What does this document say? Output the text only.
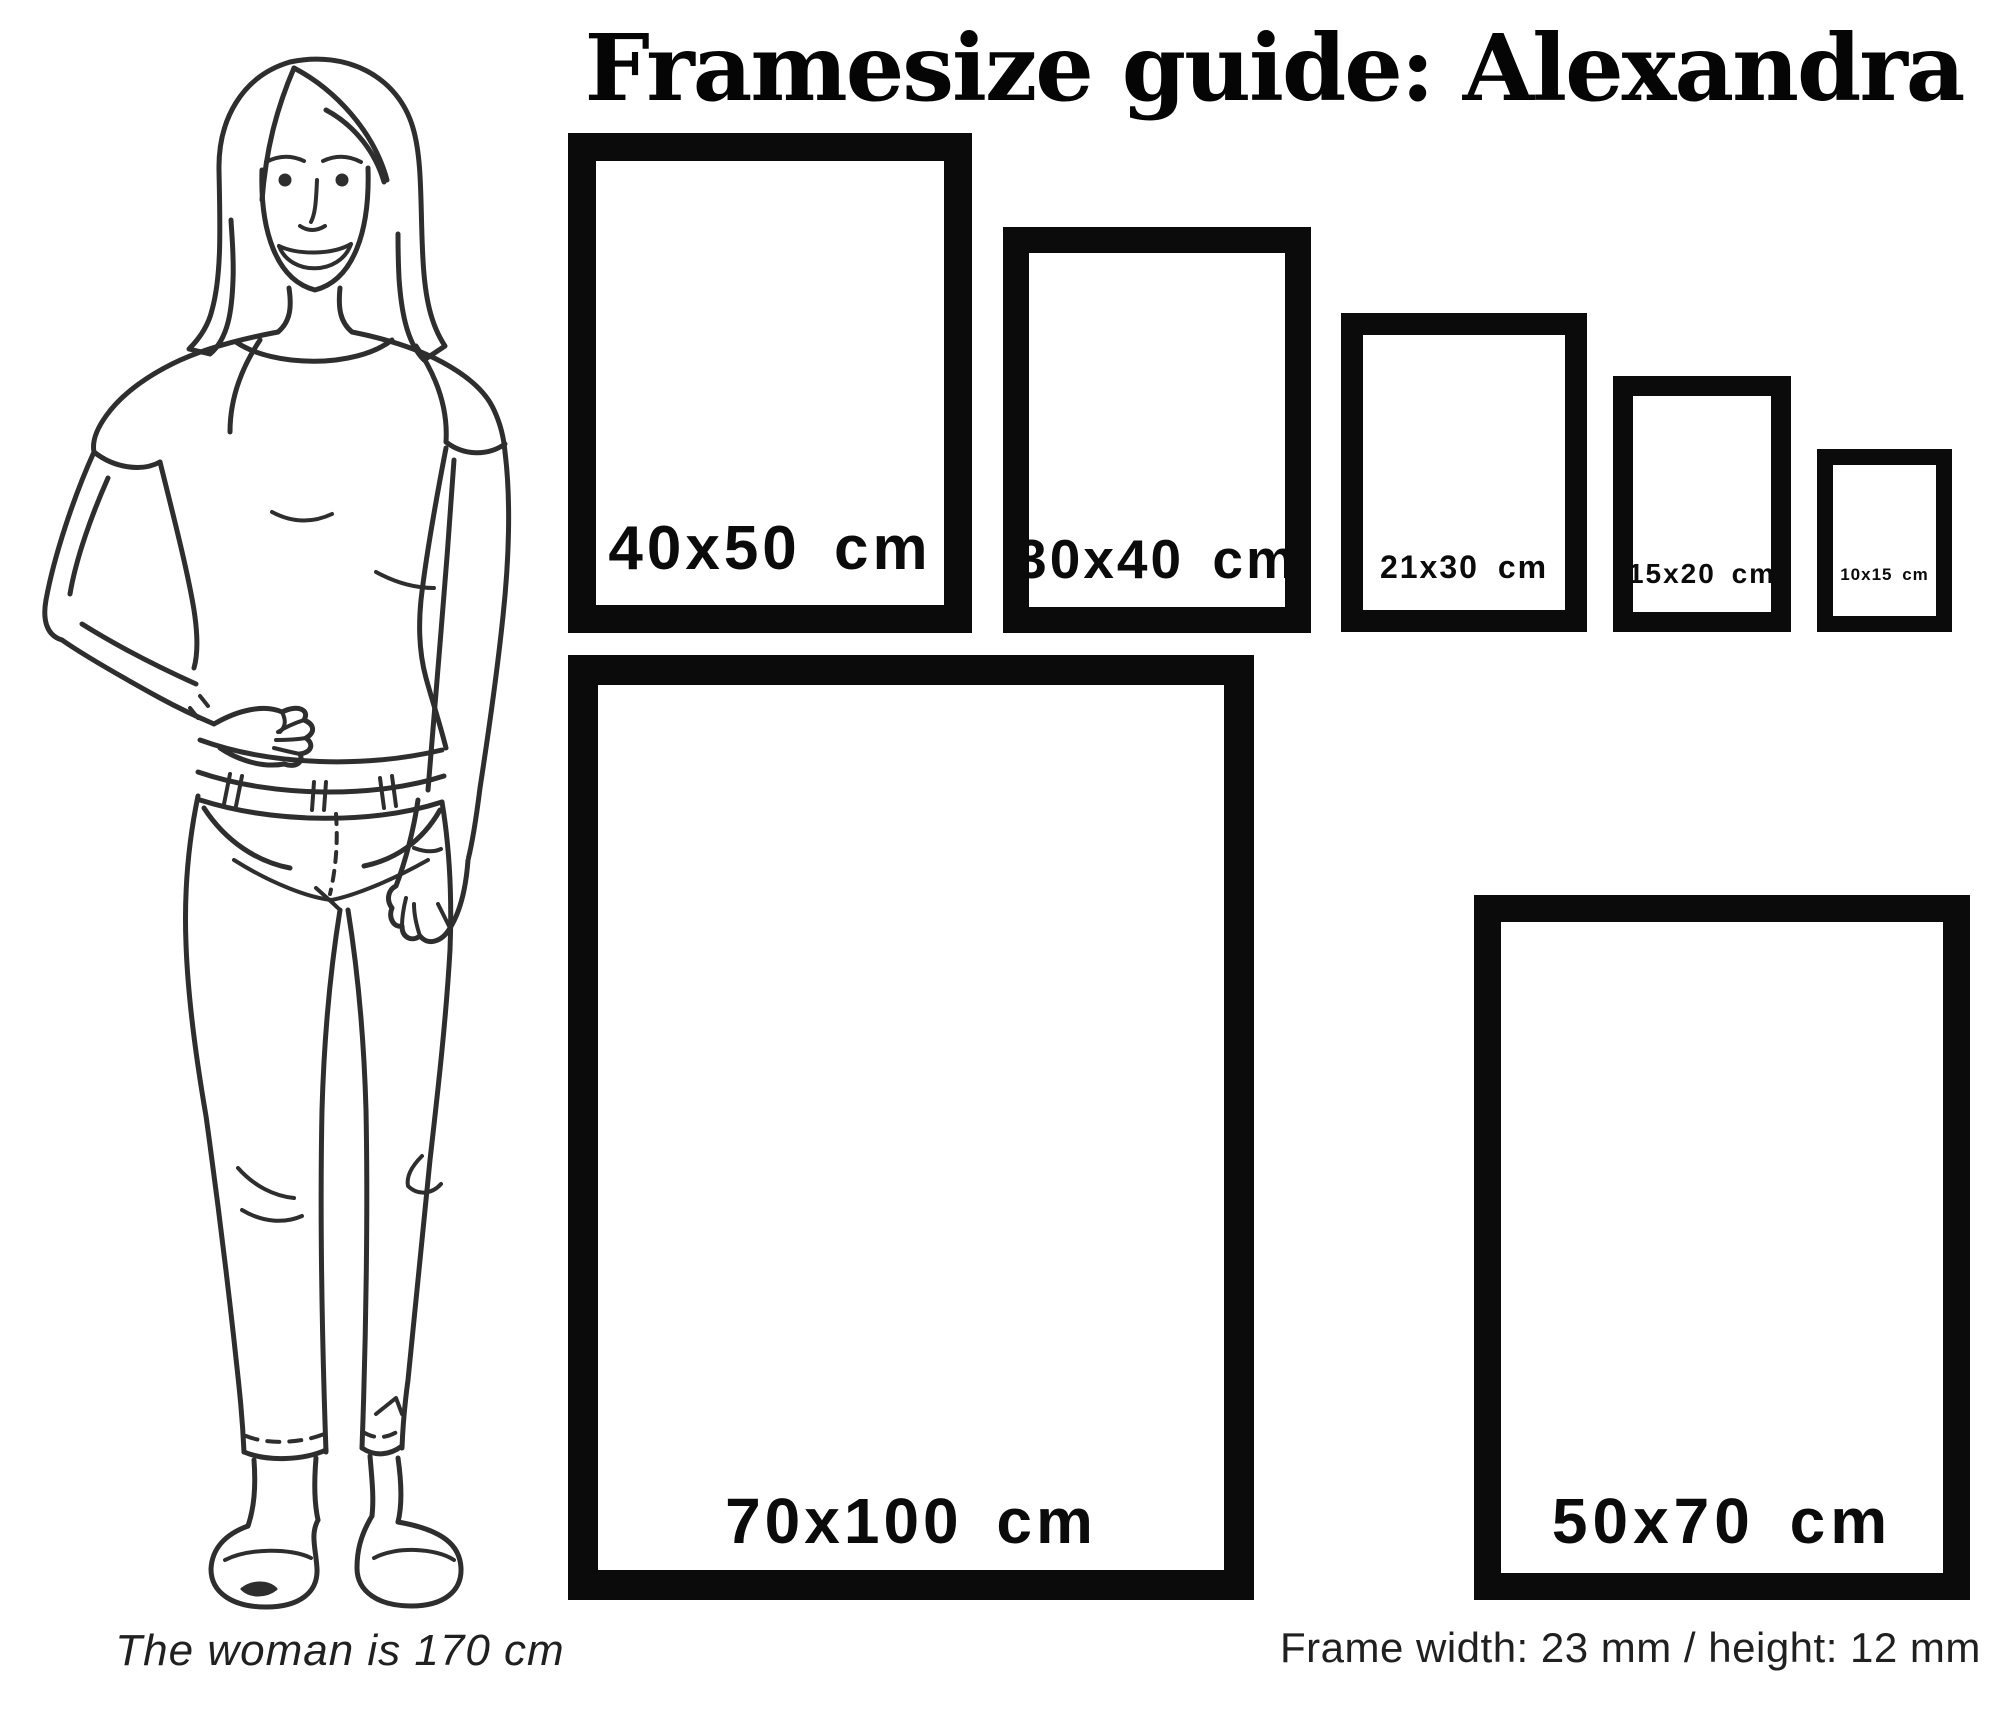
Framesize guide: Alexandra
40x50 cm 30x40 cm	21x30 cm	15x20 cm	10x15 cm
70x100 cm	50x70 cm
The woman is 170 cm	Frame width: 23 mm / height: 12 mm
